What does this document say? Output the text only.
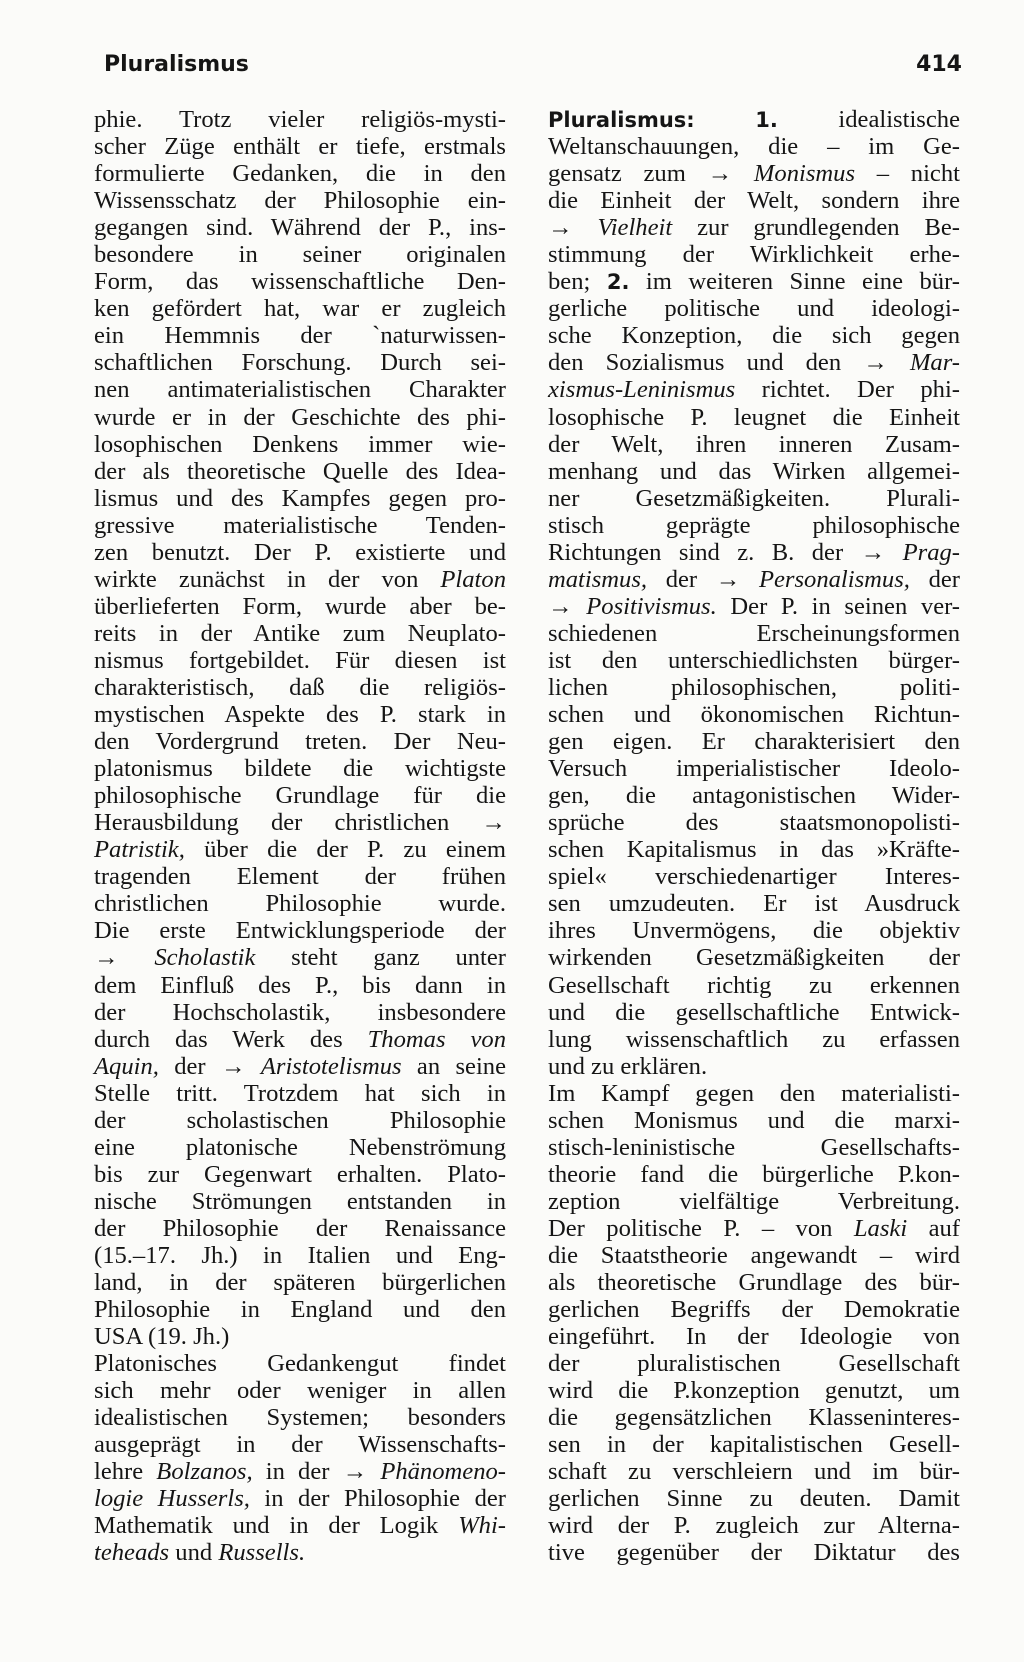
Pluralismus	414
phie. Trotz vieler religiös-mysti-
scher Züge enthält er tiefe, erstmals
formulierte Gedanken, die in den
Wissensschatz der Philosophie ein-
gegangen sind. Während der P., ins-
besondere in seiner originalen
Form, das wissenschaftliche Den-
ken gefördert hat, war er zugleich
ein Hemmnis der `naturwissen-
schaftlichen Forschung. Durch sei-
nen antimaterialistischen Charakter
wurde er in der Geschichte des phi-
losophischen Denkens immer wie-
der als theoretische Quelle des Idea-
lismus und des Kampfes gegen pro-
gressive materialistische Tenden-
zen benutzt. Der P. existierte und
wirkte zunächst in der von Platon
überlieferten Form, wurde aber be-
reits in der Antike zum Neuplato-
nismus fortgebildet. Für diesen ist
charakteristisch, daß die religiös-
mystischen Aspekte des P. stark in
den Vordergrund treten. Der Neu-
platonismus bildete die wichtigste
philosophische Grundlage für die
Herausbildung der christlichen →
Patristik, über die der P. zu einem
tragenden Element der frühen
christlichen Philosophie wurde.
Die erste Entwicklungsperiode der
→ Scholastik steht ganz unter
dem Einfluß des P., bis dann in
der Hochscholastik, insbesondere
durch das Werk des Thomas von
Aquin, der → Aristotelismus an seine
Stelle tritt. Trotzdem hat sich in
der scholastischen Philosophie
eine platonische Nebenströmung
bis zur Gegenwart erhalten. Plato-
nische Strömungen entstanden in
der Philosophie der Renaissance
(15.–17. Jh.) in Italien und Eng-
land, in der späteren bürgerlichen
Philosophie in England und den
USA (19. Jh.)
Platonisches Gedankengut findet
sich mehr oder weniger in allen
idealistischen Systemen; besonders
ausgeprägt in der Wissenschafts-
lehre Bolzanos, in der → Phänomeno-
logie Husserls, in der Philosophie der
Mathematik und in der Logik Whi-
teheads und Russells.
Pluralismus:	1. idealistische
Weltanschauungen, die – im Ge-
gensatz zum → Monismus – nicht
die Einheit der Welt, sondern ihre
→ Vielheit zur grundlegenden Be-
stimmung der Wirklichkeit erhe-
ben; 2. im weiteren Sinne eine bür-
gerliche politische und ideologi-
sche Konzeption, die sich gegen
den Sozialismus und den → Mar-
xismus-Leninismus richtet. Der phi-
losophische P. leugnet die Einheit
der Welt, ihren inneren Zusam-
menhang und das Wirken allgemei-
ner Gesetzmäßigkeiten. Plurali-
stisch geprägte philosophische
Richtungen sind z. B. der → Prag-
matismus, der → Personalismus, der
→ Positivismus. Der P. in seinen ver-
schiedenen Erscheinungsformen
ist den unterschiedlichsten bürger-
lichen philosophischen, politi-
schen und ökonomischen Richtun-
gen eigen. Er charakterisiert den
Versuch imperialistischer Ideolo-
gen, die antagonistischen Wider-
sprüche des staatsmonopolisti-
schen Kapitalismus in das »Kräfte-
spiel« verschiedenartiger Interes-
sen umzudeuten. Er ist Ausdruck
ihres Unvermögens, die objektiv
wirkenden Gesetzmäßigkeiten der
Gesellschaft richtig zu erkennen
und die gesellschaftliche Entwick-
lung wissenschaftlich zu erfassen
und zu erklären.
Im Kampf gegen den materialisti-
schen Monismus und die marxi-
stisch-leninistische Gesellschafts-
theorie fand die bürgerliche P.kon-
zeption vielfältige Verbreitung.
Der politische P. – von Laski auf
die Staatstheorie angewandt – wird
als theoretische Grundlage des bür-
gerlichen Begriffs der Demokratie
eingeführt. In der Ideologie von
der pluralistischen Gesellschaft
wird die P.konzeption genutzt, um
die gegensätzlichen Klasseninteres-
sen in der kapitalistischen Gesell-
schaft zu verschleiern und im bür-
gerlichen Sinne zu deuten. Damit
wird der P. zugleich zur Alterna-
tive gegenüber der Diktatur des
